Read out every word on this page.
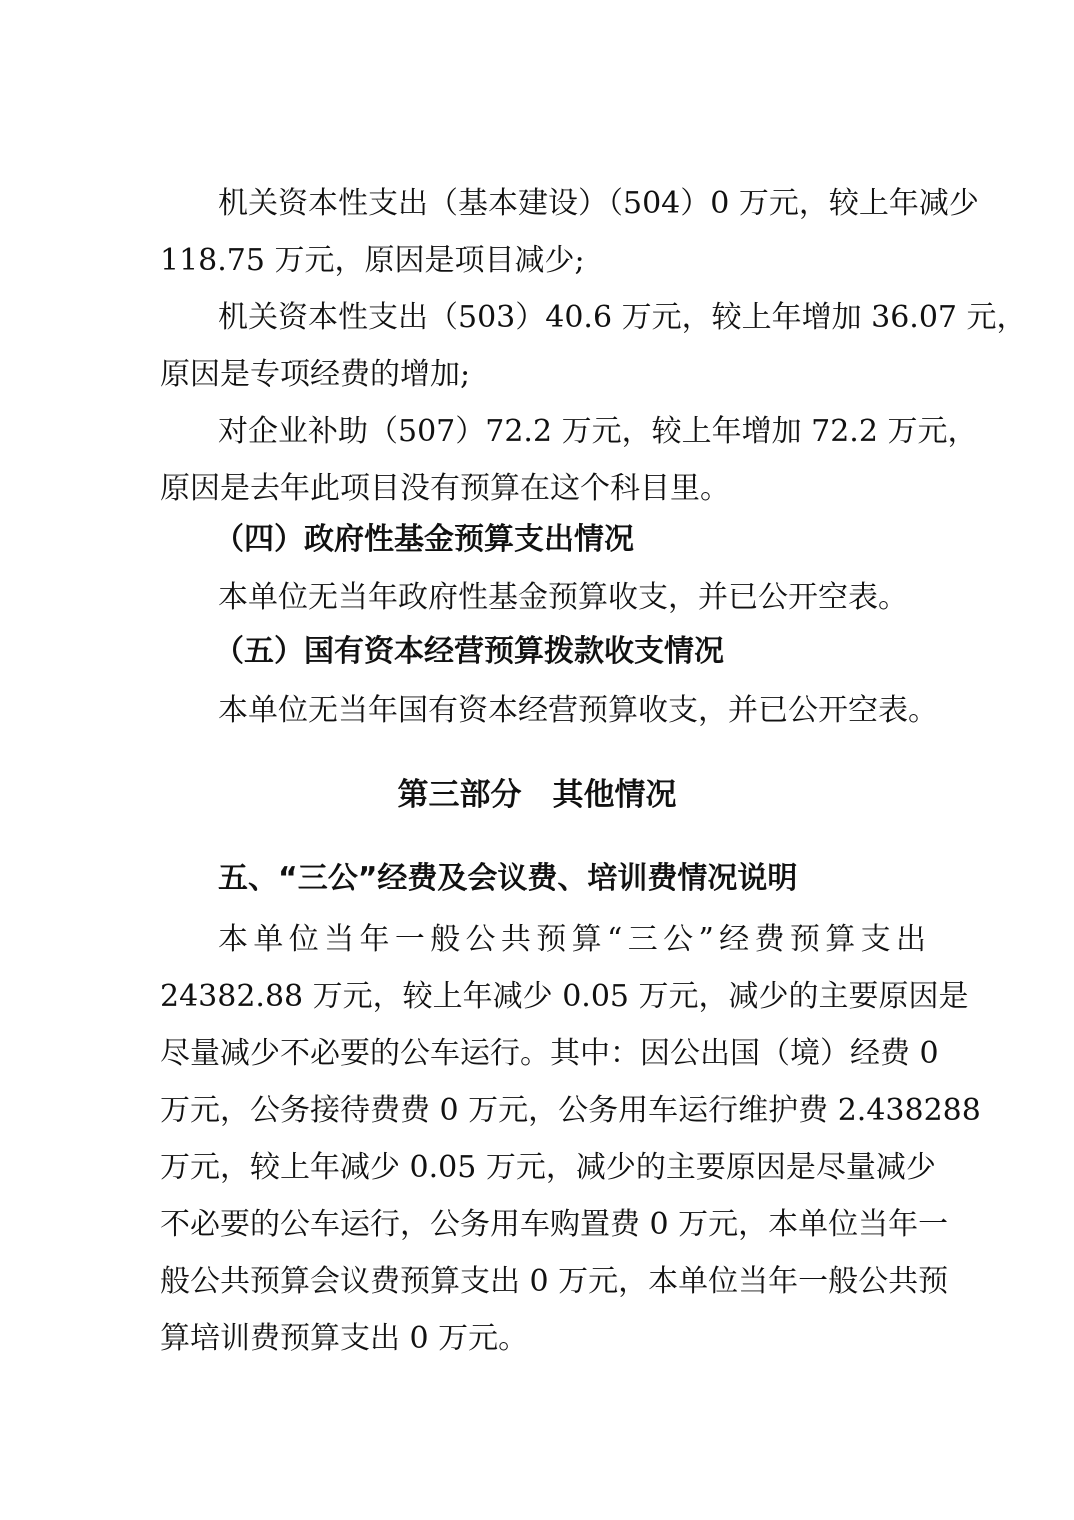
机关资本性支出（基本建设）（504）0 万元，较上年减少
118.75 万元，原因是项目减少;
机关资本性支出（503）40.6 万元，较上年增加 36.07 元，
原因是专项经费的增加;
对企业补助（507）72.2 万元，较上年增加 72.2 万元，
原因是去年此项目没有预算在这个科目里。
（四）政府性基金预算支出情况
本单位无当年政府性基金预算收支，并已公开空表。
（五）国有资本经营预算拨款收支情况
本单位无当年国有资本经营预算收支，并已公开空表。
第三部分　其他情况
五、“三公”经费及会议费、培训费情况说明
本单位当年一般公共预算“三公”经费预算支出
24382.88 万元，较上年减少 0.05 万元，减少的主要原因是
尽量减少不必要的公车运行。其中：因公出国（境）经费 0
万元，公务接待费费 0 万元，公务用车运行维护费 2.438288
万元，较上年减少 0.05 万元，减少的主要原因是尽量减少
不必要的公车运行，公务用车购置费 0 万元，本单位当年一
般公共预算会议费预算支出 0 万元，本单位当年一般公共预
算培训费预算支出 0 万元。
